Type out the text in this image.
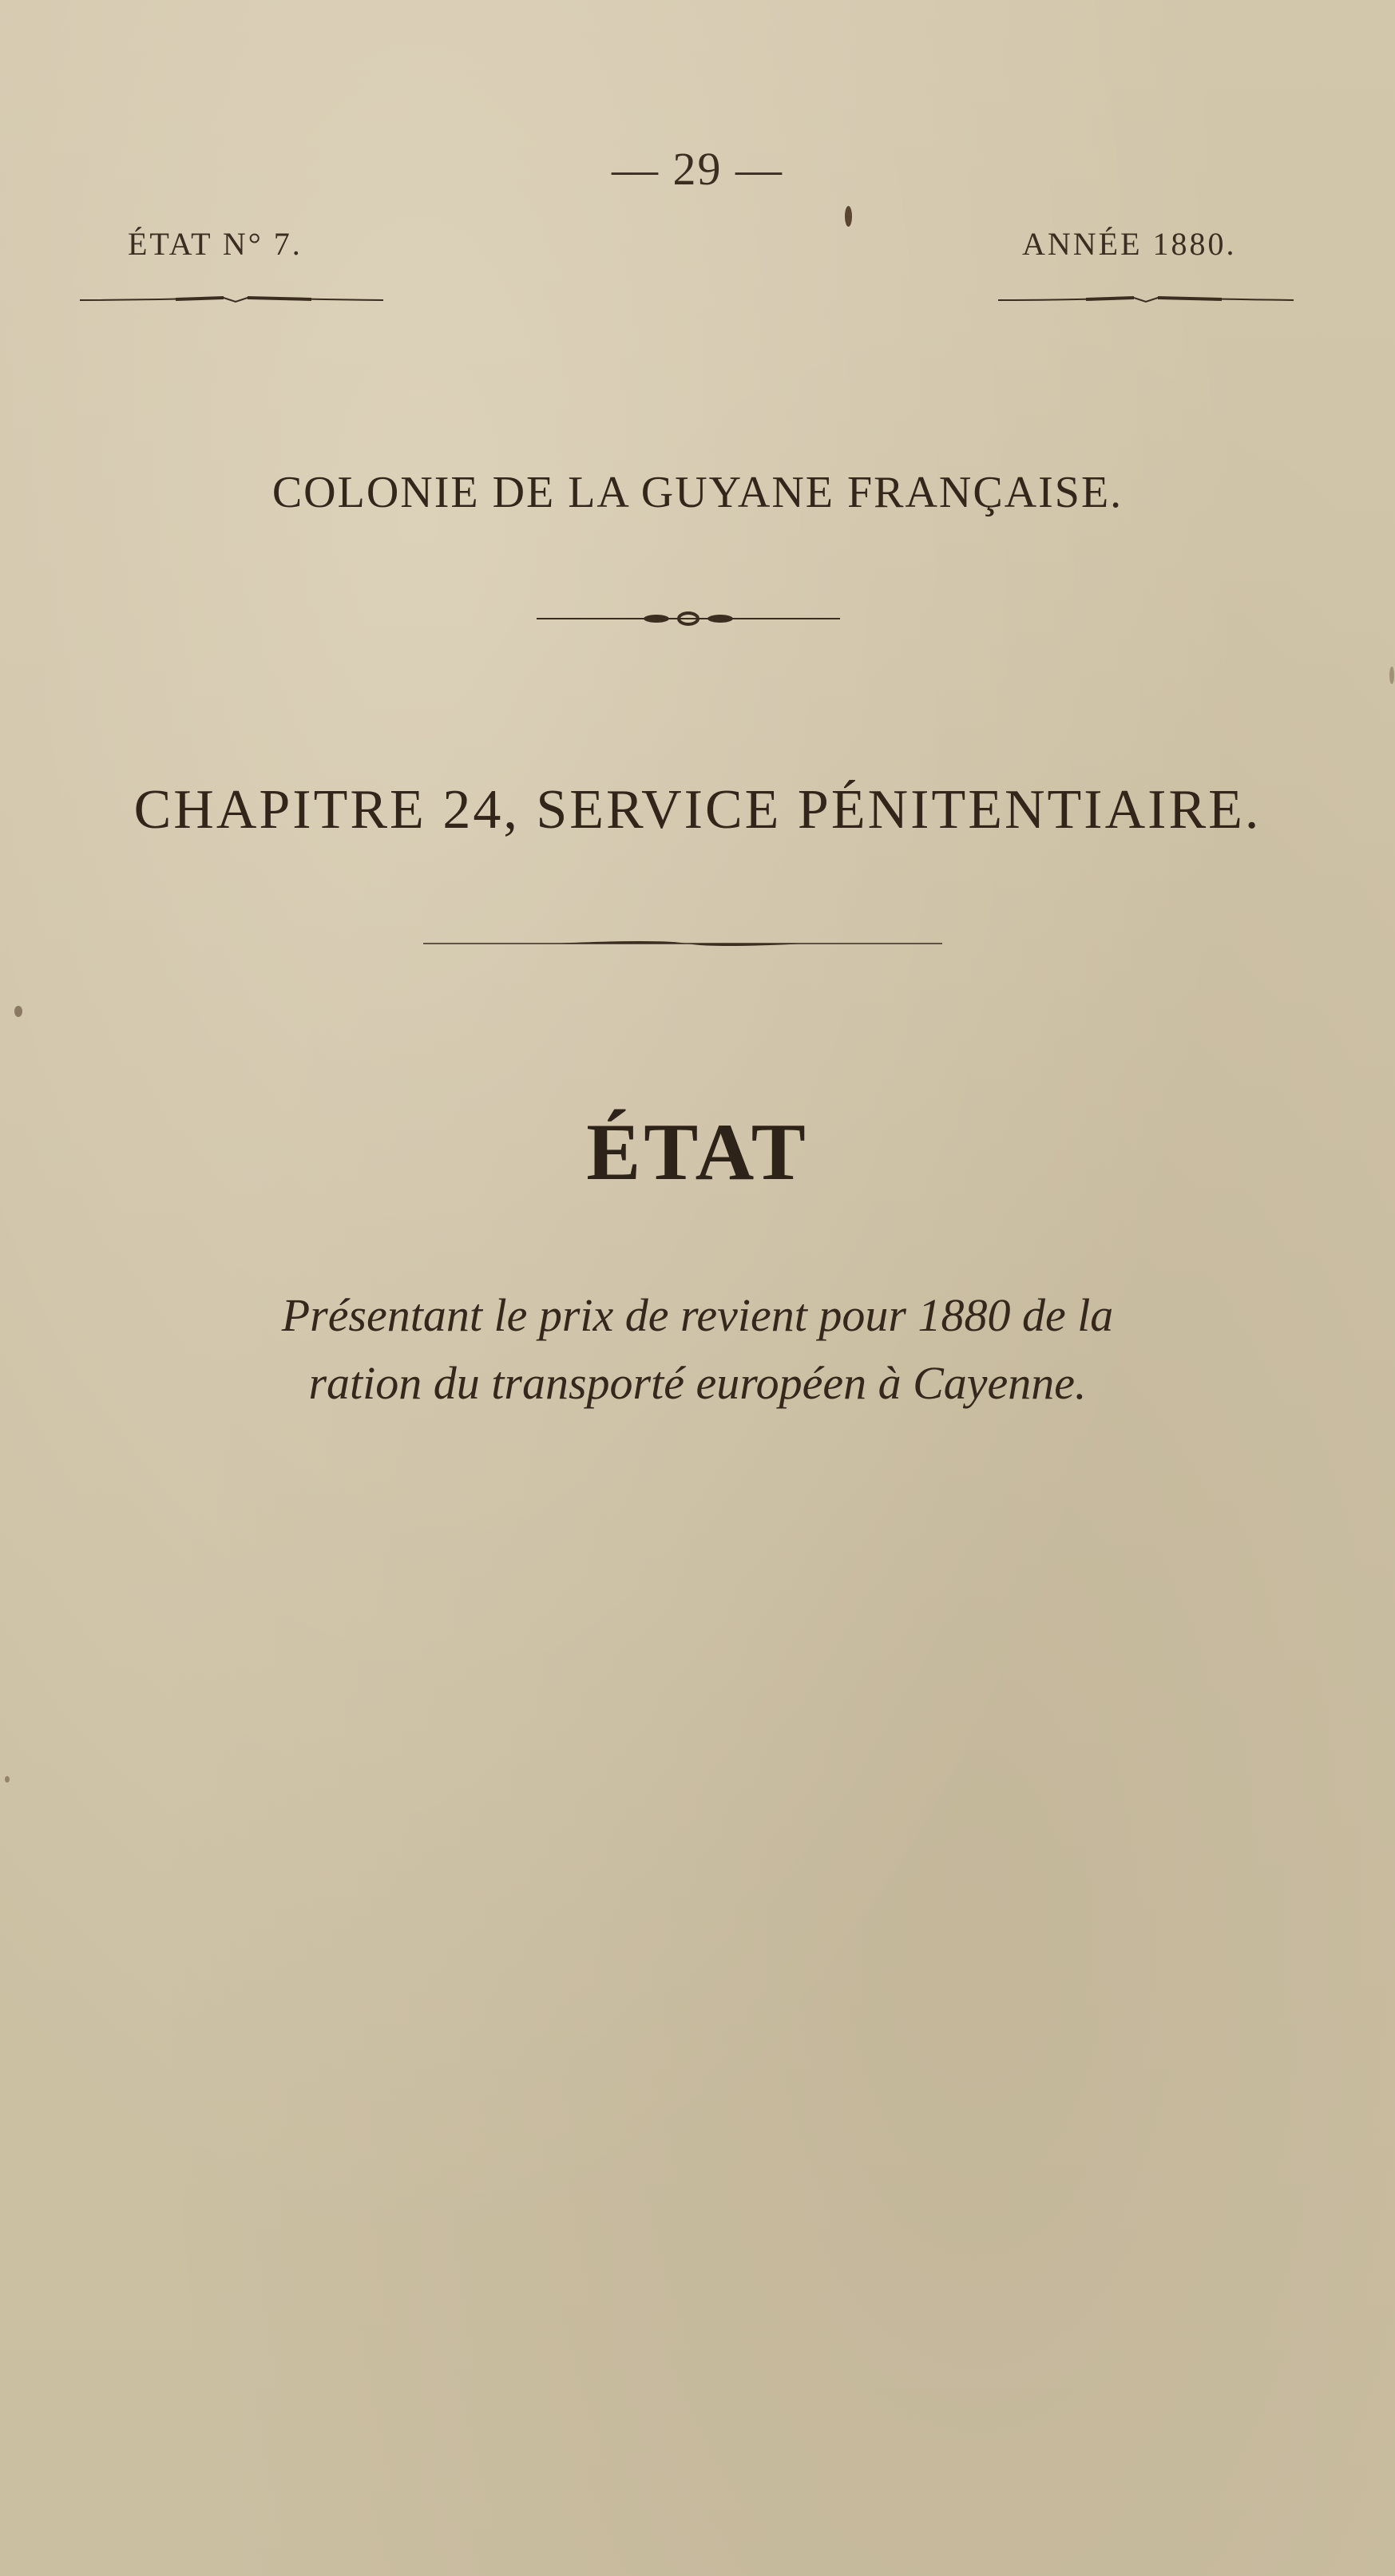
— 29 —
ÉTAT N° 7.	ANNÉE 1880.
COLONIE DE LA GUYANE FRANÇAISE.
CHAPITRE 24, SERVICE PÉNITENTIAIRE.
ÉTAT
Présentant le prix de revient pour 1880 de la
ration du transporté européen à Cayenne.
